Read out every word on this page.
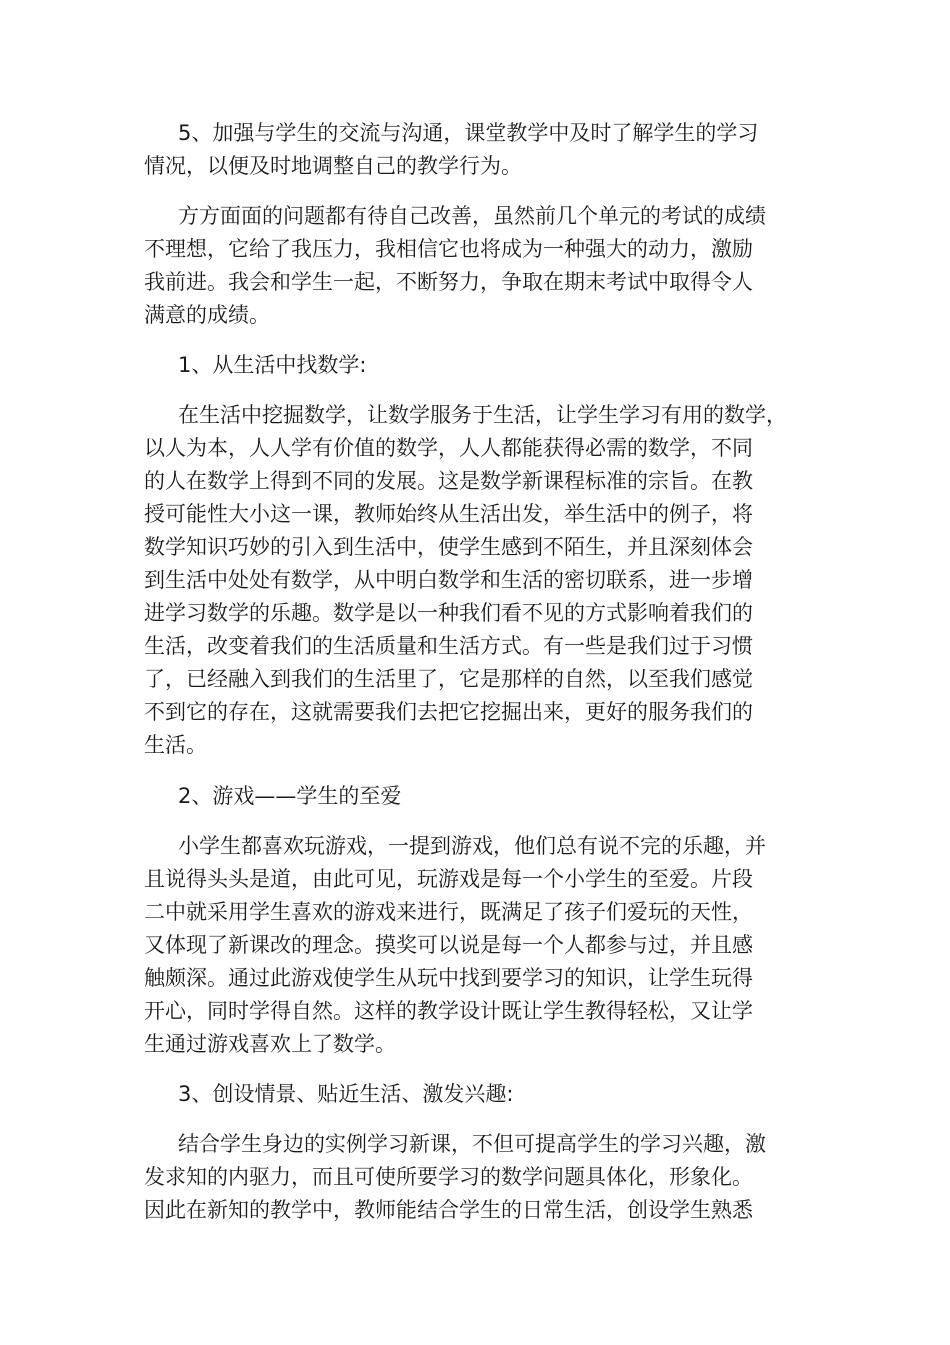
5、加强与学生的交流与沟通，课堂教学中及时了解学生的学习
情况，以便及时地调整自己的教学行为。
方方面面的问题都有待自己改善，虽然前几个单元的考试的成绩
不理想，它给了我压力，我相信它也将成为一种强大的动力，激励
我前进。我会和学生一起，不断努力，争取在期末考试中取得令人
满意的成绩。
1、从生活中找数学:
在生活中挖掘数学，让数学服务于生活，让学生学习有用的数学，
以人为本，人人学有价值的数学，人人都能获得必需的数学，不同
的人在数学上得到不同的发展。这是数学新课程标准的宗旨。在教
授可能性大小这一课，教师始终从生活出发，举生活中的例子，将
数学知识巧妙的引入到生活中，使学生感到不陌生，并且深刻体会
到生活中处处有数学，从中明白数学和生活的密切联系，进一步增
进学习数学的乐趣。数学是以一种我们看不见的方式影响着我们的
生活，改变着我们的生活质量和生活方式。有一些是我们过于习惯
了，已经融入到我们的生活里了，它是那样的自然，以至我们感觉
不到它的存在，这就需要我们去把它挖掘出来，更好的服务我们的
生活。
2、游戏——学生的至爱
小学生都喜欢玩游戏，一提到游戏，他们总有说不完的乐趣，并
且说得头头是道，由此可见，玩游戏是每一个小学生的至爱。片段
二中就采用学生喜欢的游戏来进行，既满足了孩子们爱玩的天性，
又体现了新课改的理念。摸奖可以说是每一个人都参与过，并且感
触颇深。通过此游戏使学生从玩中找到要学习的知识，让学生玩得
开心，同时学得自然。这样的教学设计既让学生教得轻松，又让学
生通过游戏喜欢上了数学。
3、创设情景、贴近生活、激发兴趣:
结合学生身边的实例学习新课，不但可提高学生的学习兴趣，激
发求知的内驱力，而且可使所要学习的数学问题具体化，形象化。
因此在新知的教学中，教师能结合学生的日常生活，创设学生熟悉
